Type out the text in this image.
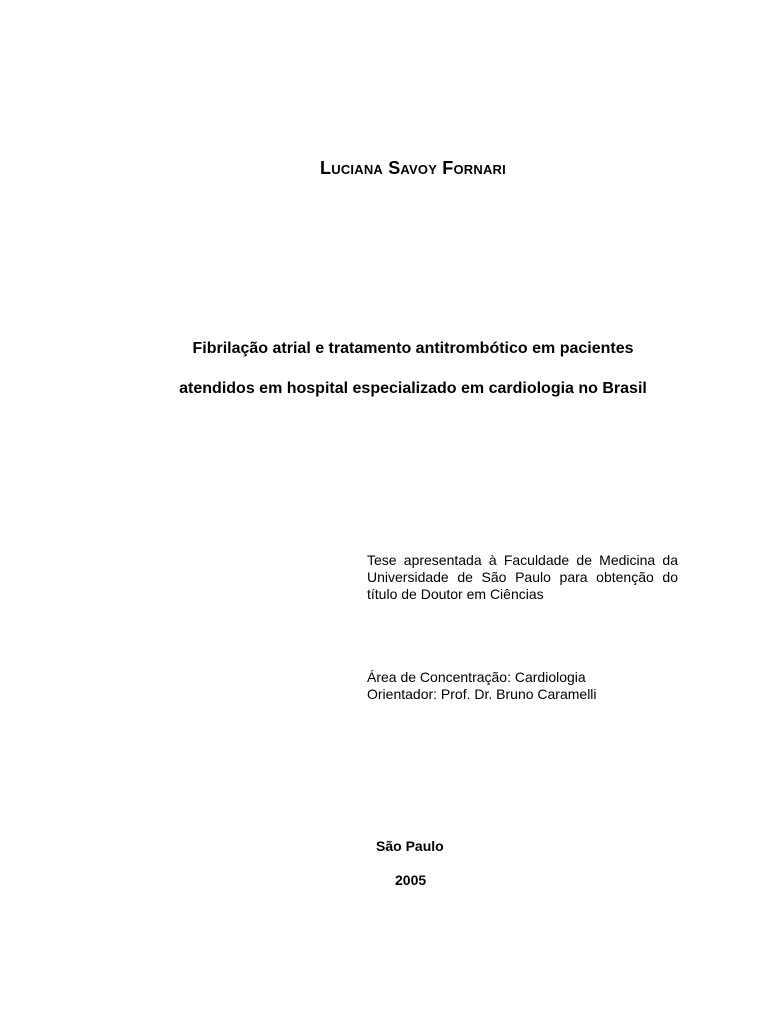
Luciana Savoy Fornari
Fibrilação atrial e tratamento antitrombótico em pacientes
atendidos em hospital especializado em cardiologia no Brasil
Tese apresentada à Faculdade de Medicina da Universidade de São Paulo para obtenção do título de Doutor em Ciências
Área de Concentração: Cardiologia
Orientador: Prof. Dr. Bruno Caramelli
São Paulo
2005
